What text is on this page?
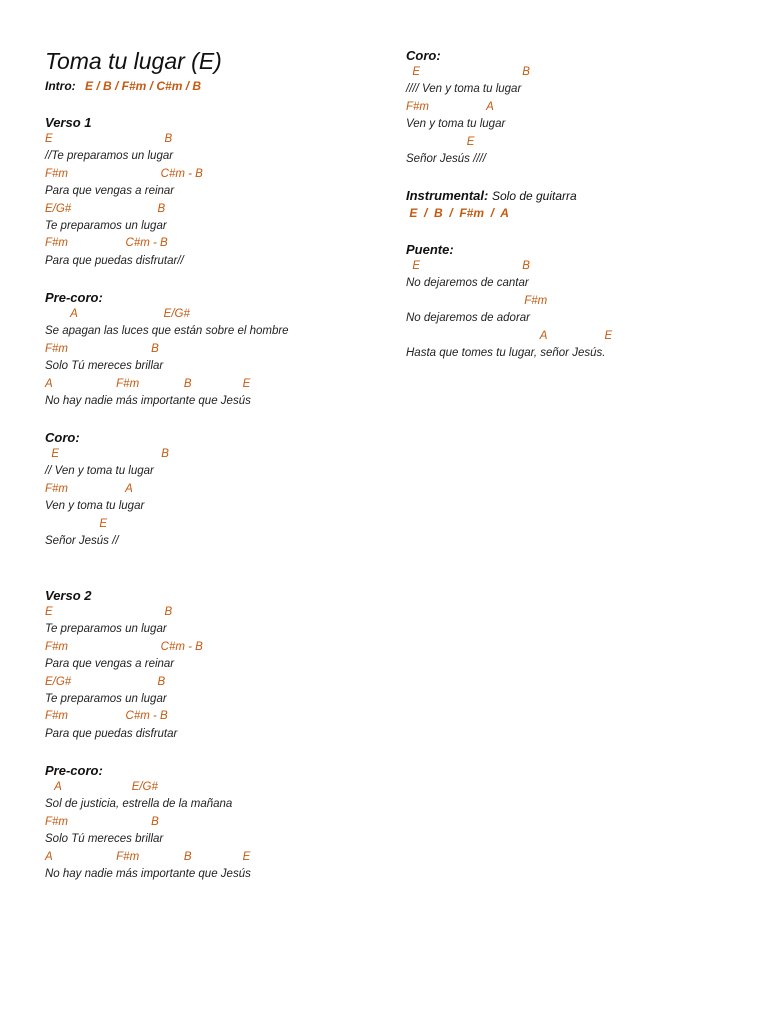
Toma tu lugar (E)
Intro: E / B / F#m / C#m / B
Verso 1
E                                   B
//Te preparamos un lugar
F#m                             C#m - B
Para que vengas a reinar
E/G#                           B
Te preparamos un lugar
F#m                  C#m - B
Para que puedas disfrutar//
Pre-coro:
A                           E/G#
Se apagan las luces que están sobre el hombre
F#m                          B
Solo Tú mereces brillar
A                    F#m              B                E
No hay nadie más importante que Jesús
Coro:
E                                B
// Ven y toma tu lugar
F#m                  A
Ven y toma tu lugar
E
Señor Jesús //
Verso 2
E                                   B
Te preparamos un lugar
F#m                             C#m - B
Para que vengas a reinar
E/G#                           B
Te preparamos un lugar
F#m                  C#m - B
Para que puedas disfrutar
Pre-coro:
A                      E/G#
Sol de justicia, estrella de la mañana
F#m                          B
Solo Tú mereces brillar
A                    F#m              B                E
No hay nadie más importante que Jesús
Coro:
E                                B
//// Ven y toma tu lugar
F#m                  A
Ven y toma tu lugar
E
Señor Jesús ////
Instrumental: Solo de guitarra
E  /  B  /  F#m  /  A
Puente:
E                                B
No dejaremos de cantar
F#m
No dejaremos de adorar
A                  E
Hasta que tomes tu lugar, señor Jesús.
